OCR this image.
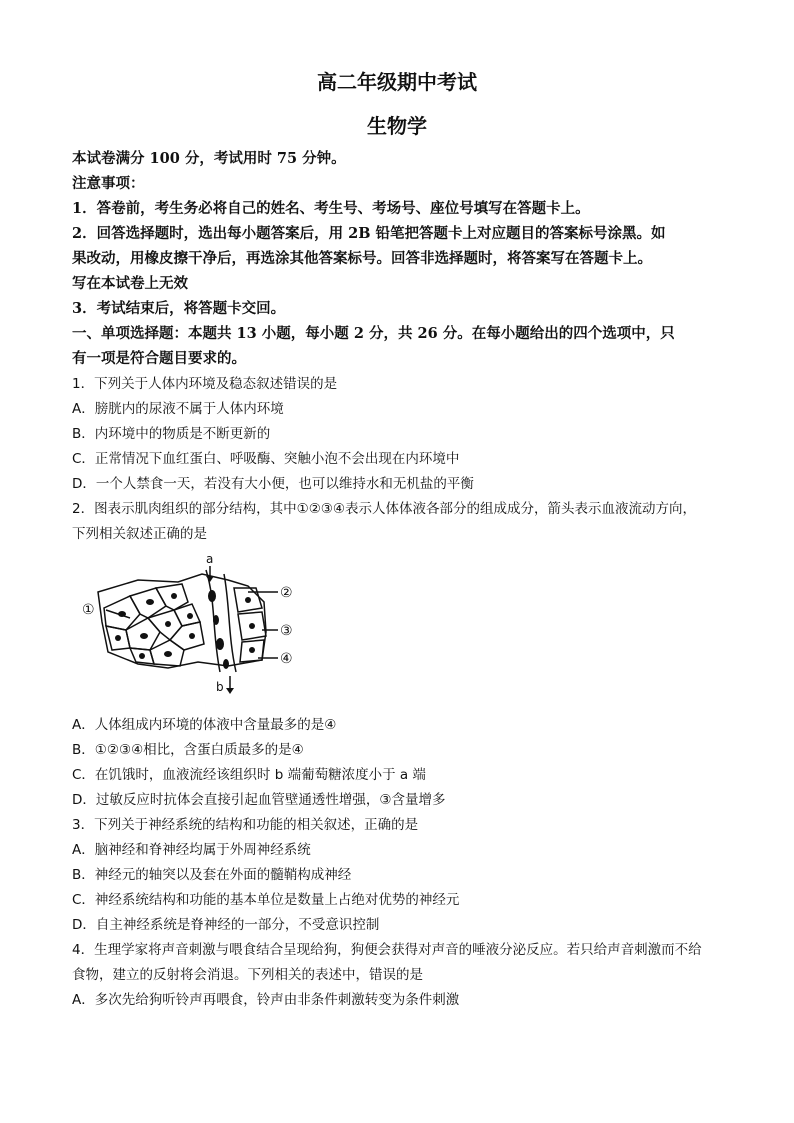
高二年级期中考试
生物学
本试卷满分 100 分，考试用时 75 分钟。
注意事项：
1．答卷前，考生务必将自己的姓名、考生号、考场号、座位号填写在答题卡上。
2．回答选择题时，选出每小题答案后，用 2B 铅笔把答题卡上对应题目的答案标号涂黑。如
果改动，用橡皮擦干净后，再选涂其他答案标号。回答非选择题时，将答案写在答题卡上。
写在本试卷上无效
3．考试结束后，将答题卡交回。
一、单项选择题：本题共 13 小题，每小题 2 分，共 26 分。在每小题给出的四个选项中，只
有一项是符合题目要求的。
1．下列关于人体内环境及稳态叙述错误的是
A．膀胱内的尿液不属于人体内环境
B．内环境中的物质是不断更新的
C．正常情况下血红蛋白、呼吸酶、突触小泡不会出现在内环境中
D．一个人禁食一天，若没有大小便，也可以维持水和无机盐的平衡
2．图表示肌肉组织的部分结构，其中①②③④表示人体体液各部分的组成成分，箭头表示血液流动方向，
下列相关叙述正确的是
a
b
①
②
③
④
A．人体组成内环境的体液中含量最多的是④
B．①②③④相比，含蛋白质最多的是④
C．在饥饿时，血液流经该组织时 b 端葡萄糖浓度小于 a 端
D．过敏反应时抗体会直接引起血管壁通透性增强，③含量增多
3．下列关于神经系统的结构和功能的相关叙述，正确的是
A．脑神经和脊神经均属于外周神经系统
B．神经元的轴突以及套在外面的髓鞘构成神经
C．神经系统结构和功能的基本单位是数量上占绝对优势的神经元
D．自主神经系统是脊神经的一部分，不受意识控制
4．生理学家将声音刺激与喂食结合呈现给狗，狗便会获得对声音的唾液分泌反应。若只给声音刺激而不给
食物，建立的反射将会消退。下列相关的表述中，错误的是
A．多次先给狗听铃声再喂食，铃声由非条件刺激转变为条件刺激
